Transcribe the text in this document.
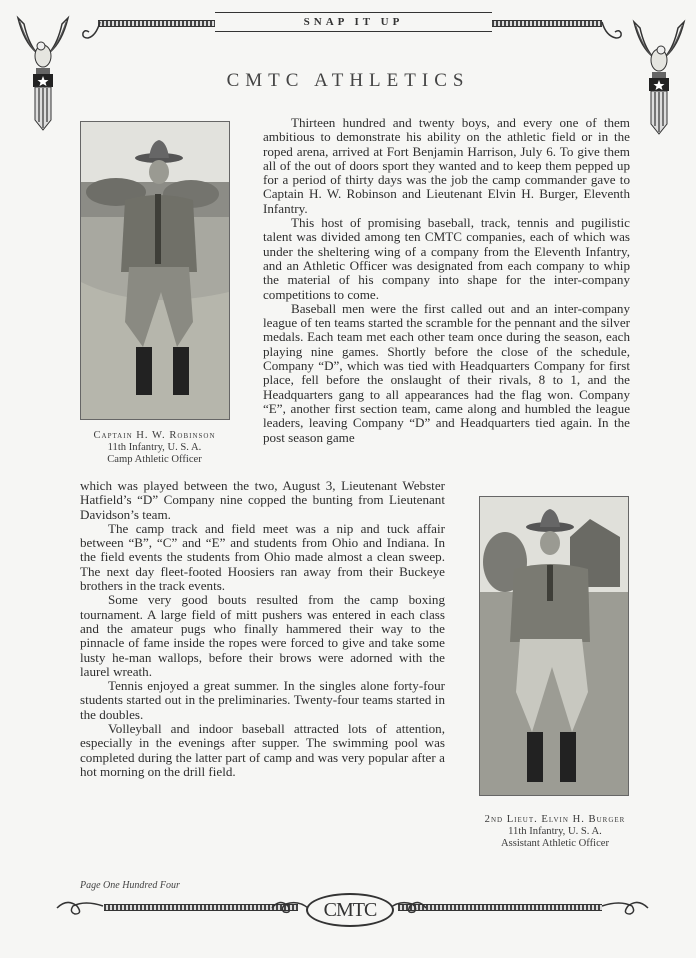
SNAP IT UP
CMTC ATHLETICS
Captain H. W. Robinson
11th Infantry, U. S. A.
Camp Athletic Officer

Thirteen hundred and twenty boys, and every one of them ambitious to demonstrate his ability on the athletic field or in the roped arena, arrived at Fort Benjamin Harrison, July 6. To give them all of the out of doors sport they wanted and to keep them pepped up for a period of thirty days was the job the camp commander gave to Captain H. W. Robinson and Lieutenant Elvin H. Burger, Eleventh Infantry.

This host of promising baseball, track, tennis and pugilistic talent was divided among ten CMTC companies, each of which was under the sheltering wing of a company from the Eleventh Infantry, and an Athletic Officer was designated from each company to whip the material of his company into shape for the inter-company competitions to come.

Baseball men were the first called out and an inter-company league of ten teams started the scramble for the pennant and the silver medals. Each team met each other team once during the season, each playing nine games. Shortly before the close of the schedule, Company “D”, which was tied with Headquarters Company for first place, fell before the onslaught of their rivals, 8 to 1, and the Headquarters gang to all appearances had the flag won. Company “E”, another first section team, came along and humbled the league leaders, leaving Company “D” and Headquarters tied again. In the post season game

which was played between the two, August 3, Lieutenant Webster Hatfield’s “D” Company nine copped the bunting from Lieutenant Davidson’s team.

The camp track and field meet was a nip and tuck affair between “B”, “C” and “E” and students from Ohio and Indiana. In the field events the students from Ohio made almost a clean sweep. The next day fleet-footed Hoosiers ran away from their Buckeye brothers in the track events.

Some very good bouts resulted from the camp boxing tournament. A large field of mitt pushers was entered in each class and the amateur pugs who finally hammered their way to the pinnacle of fame inside the ropes were forced to give and take some lusty he-man wallops, before their brows were adorned with the laurel wreath.

Tennis enjoyed a great summer. In the singles alone forty-four students started out in the preliminaries. Twenty-four teams started in the doubles.

Volleyball and indoor baseball attracted lots of attention, especially in the evenings after supper. The swimming pool was completed during the latter part of camp and was very popular after a hot morning on the drill field.

2nd Lieut. Elvin H. Burger
11th Infantry, U. S. A.
Assistant Athletic Officer
Page One Hundred Four
CMTC
